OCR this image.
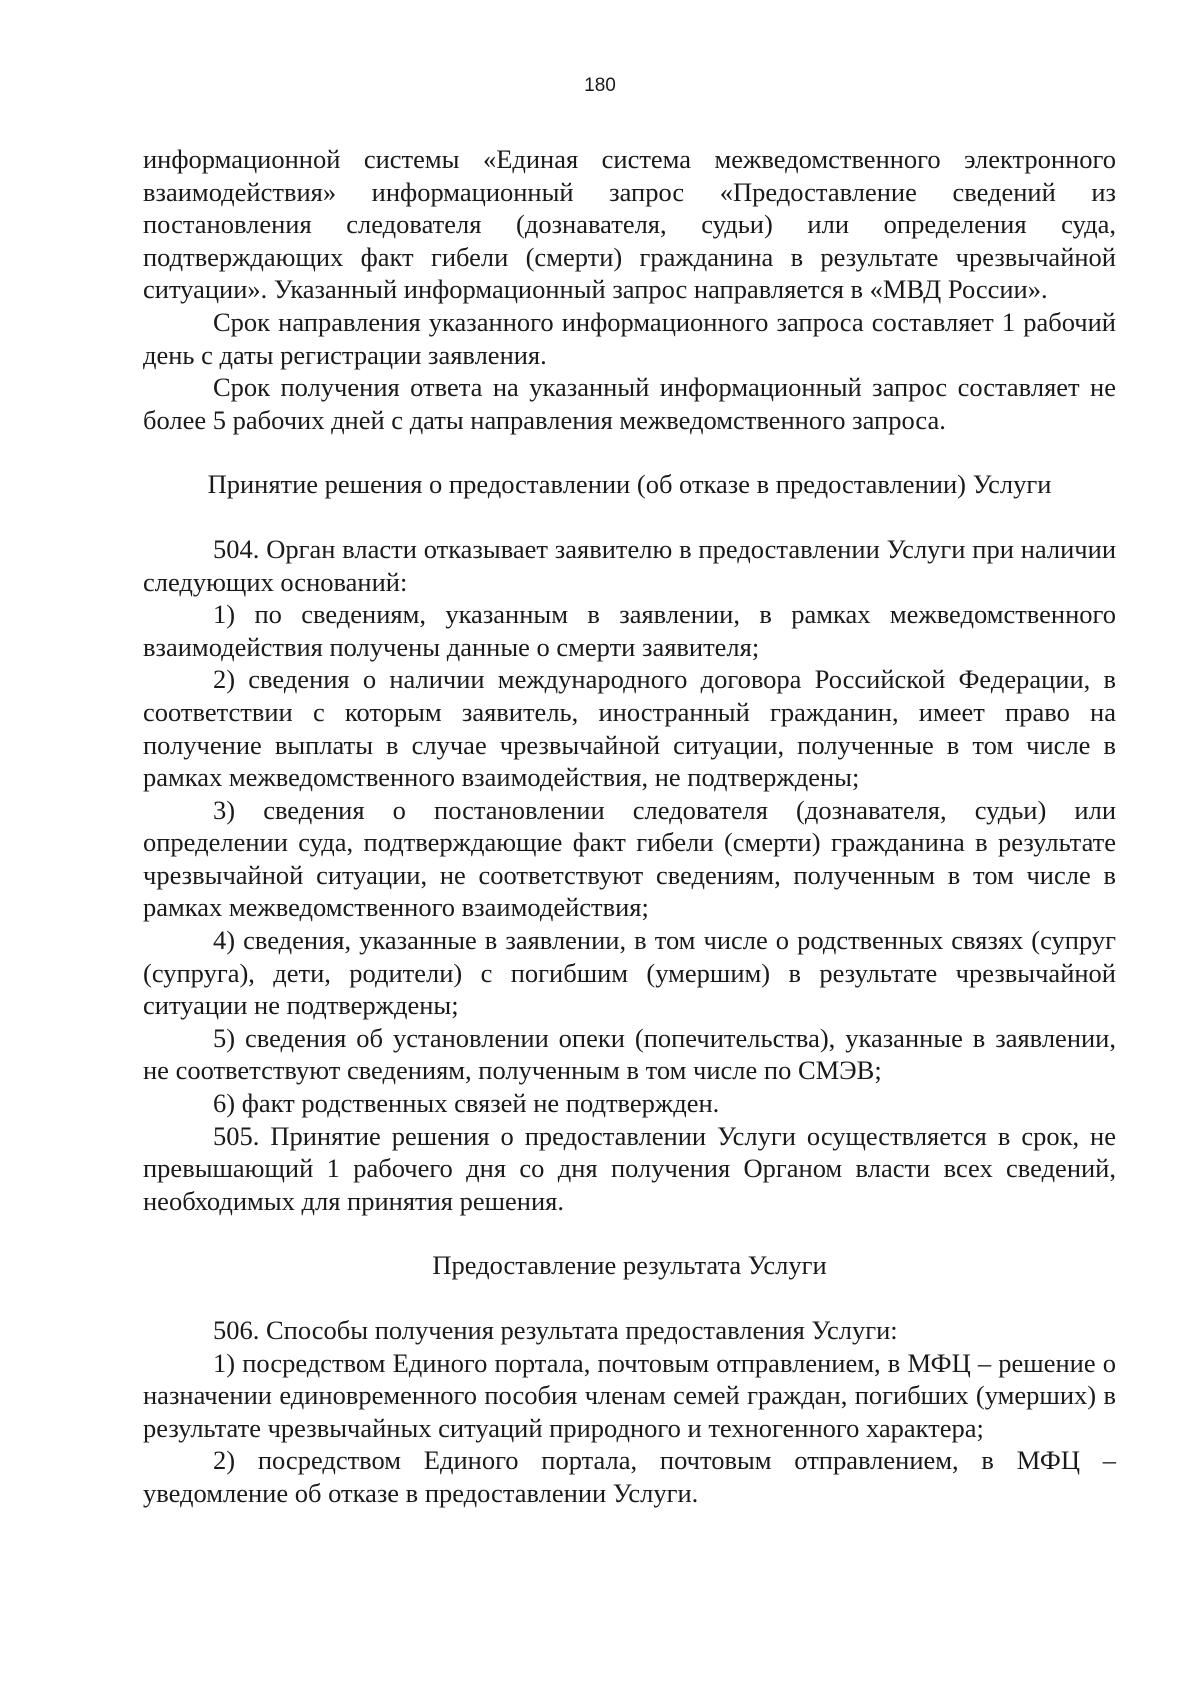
180

информационной системы «Единая система межведомственного электронного взаимодействия» информационный запрос «Предоставление сведений из постановления следователя (дознавателя, судьи) или определения суда, подтверждающих факт гибели (смерти) гражданина в результате чрезвычайной ситуации». Указанный информационный запрос направляется в «МВД России».

Срок направления указанного информационного запроса составляет 1 рабочий день с даты регистрации заявления.

Срок получения ответа на указанный информационный запрос составляет не более 5 рабочих дней с даты направления межведомственного запроса.

Принятие решения о предоставлении (об отказе в предоставлении) Услуги

504. Орган власти отказывает заявителю в предоставлении Услуги при наличии следующих оснований:

1) по сведениям, указанным в заявлении, в рамках межведомственного взаимодействия получены данные о смерти заявителя;

2) сведения о наличии международного договора Российской Федерации, в соответствии с которым заявитель, иностранный гражданин, имеет право на получение выплаты в случае чрезвычайной ситуации, полученные в том числе в рамках межведомственного взаимодействия, не подтверждены;

3) сведения о постановлении следователя (дознавателя, судьи) или определении суда, подтверждающие факт гибели (смерти) гражданина в результате чрезвычайной ситуации, не соответствуют сведениям, полученным в том числе в рамках межведомственного взаимодействия;

4) сведения, указанные в заявлении, в том числе о родственных связях (супруг (супруга), дети, родители) с погибшим (умершим) в результате чрезвычайной ситуации не подтверждены;

5) сведения об установлении опеки (попечительства), указанные в заявлении, не соответствуют сведениям, полученным в том числе по СМЭВ;

6) факт родственных связей не подтвержден.

505. Принятие решения о предоставлении Услуги осуществляется в срок, не превышающий 1 рабочего дня со дня получения Органом власти всех сведений, необходимых для принятия решения.

Предоставление результата Услуги

506. Способы получения результата предоставления Услуги:

1) посредством Единого портала, почтовым отправлением, в МФЦ – решение о назначении единовременного пособия членам семей граждан, погибших (умерших) в результате чрезвычайных ситуаций природного и техногенного характера;

2) посредством Единого портала, почтовым отправлением, в МФЦ – уведомление об отказе в предоставлении Услуги.
